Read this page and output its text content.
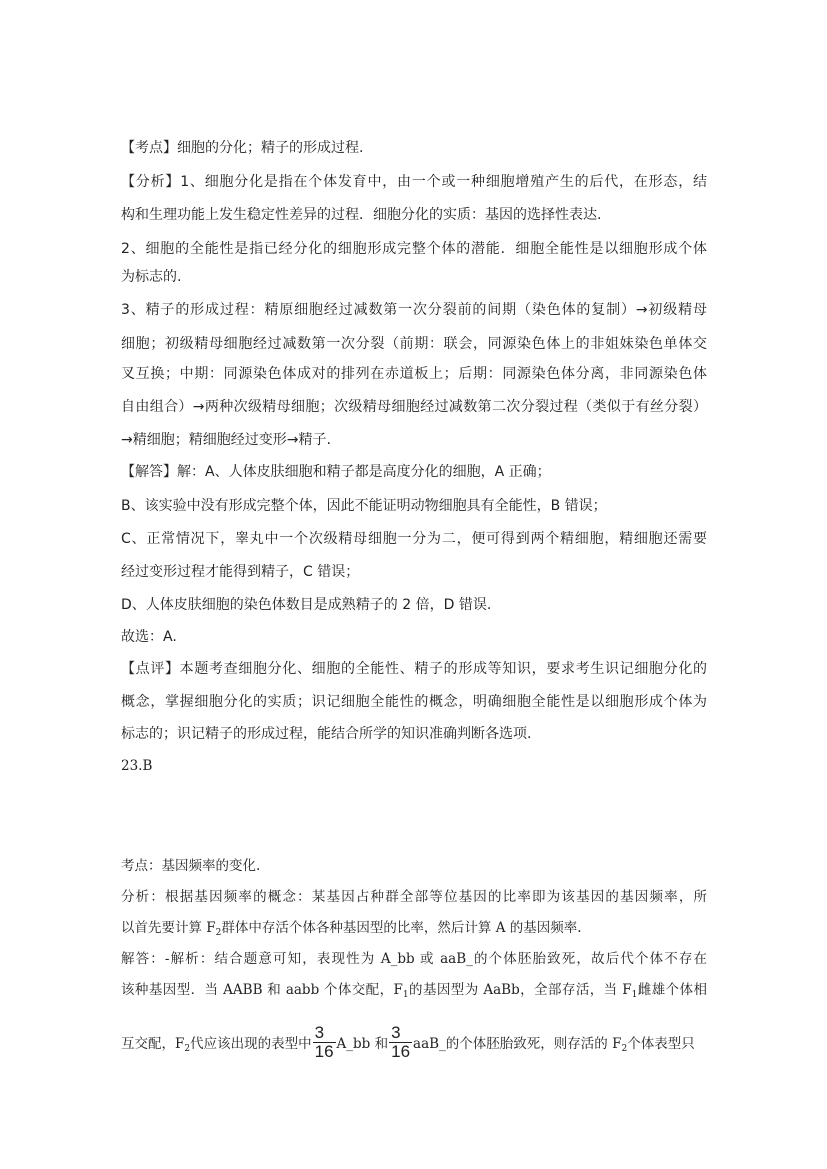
【考点】细胞的分化；精子的形成过程.
【分析】1、细胞分化是指在个体发育中，由一个或一种细胞增殖产生的后代，在形态，结
构和生理功能上发生稳定性差异的过程．细胞分化的实质：基因的选择性表达.
2、细胞的全能性是指已经分化的细胞形成完整个体的潜能．细胞全能性是以细胞形成个体
为标志的.
3、精子的形成过程：精原细胞经过减数第一次分裂前的间期（染色体的复制）→初级精母
细胞；初级精母细胞经过减数第一次分裂（前期：联会，同源染色体上的非姐妹染色单体交
叉互换；中期：同源染色体成对的排列在赤道板上；后期：同源染色体分离，非同源染色体
自由组合）→两种次级精母细胞；次级精母细胞经过减数第二次分裂过程（类似于有丝分裂）
→精细胞；精细胞经过变形→精子.
【解答】解：A、人体皮肤细胞和精子都是高度分化的细胞，A 正确；
B、该实验中没有形成完整个体，因此不能证明动物细胞具有全能性，B 错误；
C、正常情况下，睾丸中一个次级精母细胞一分为二，便可得到两个精细胞，精细胞还需要
经过变形过程才能得到精子，C 错误；
D、人体皮肤细胞的染色体数目是成熟精子的 2 倍，D 错误.
故选：A.
【点评】本题考查细胞分化、细胞的全能性、精子的形成等知识，要求考生识记细胞分化的
概念，掌握细胞分化的实质；识记细胞全能性的概念，明确细胞全能性是以细胞形成个体为
标志的；识记精子的形成过程，能结合所学的知识准确判断各选项.
23.B
考点：基因频率的变化.
分析：根据基因频率的概念：某基因占种群全部等位基因的比率即为该基因的基因频率，所
以首先要计算 $F_2$群体中存活个体各种基因型的比率，然后计算 A 的基因频率.
解答：-解析：结合题意可知，表现性为 A_bb 或 aaB_的个体胚胎致死，故后代个体不存在
该种基因型．当 AABB 和 aabb 个体交配，$F_1$的基因型为 AaBb，全部存活，当 $F_1$雌雄个体相
互交配，$F_2$代应该出现的表型中 $\frac{3}{16}$ A_bb 和 $\frac{3}{16}$ aaB_的个体胚胎致死，则存活的 $F_2$个体表型只
